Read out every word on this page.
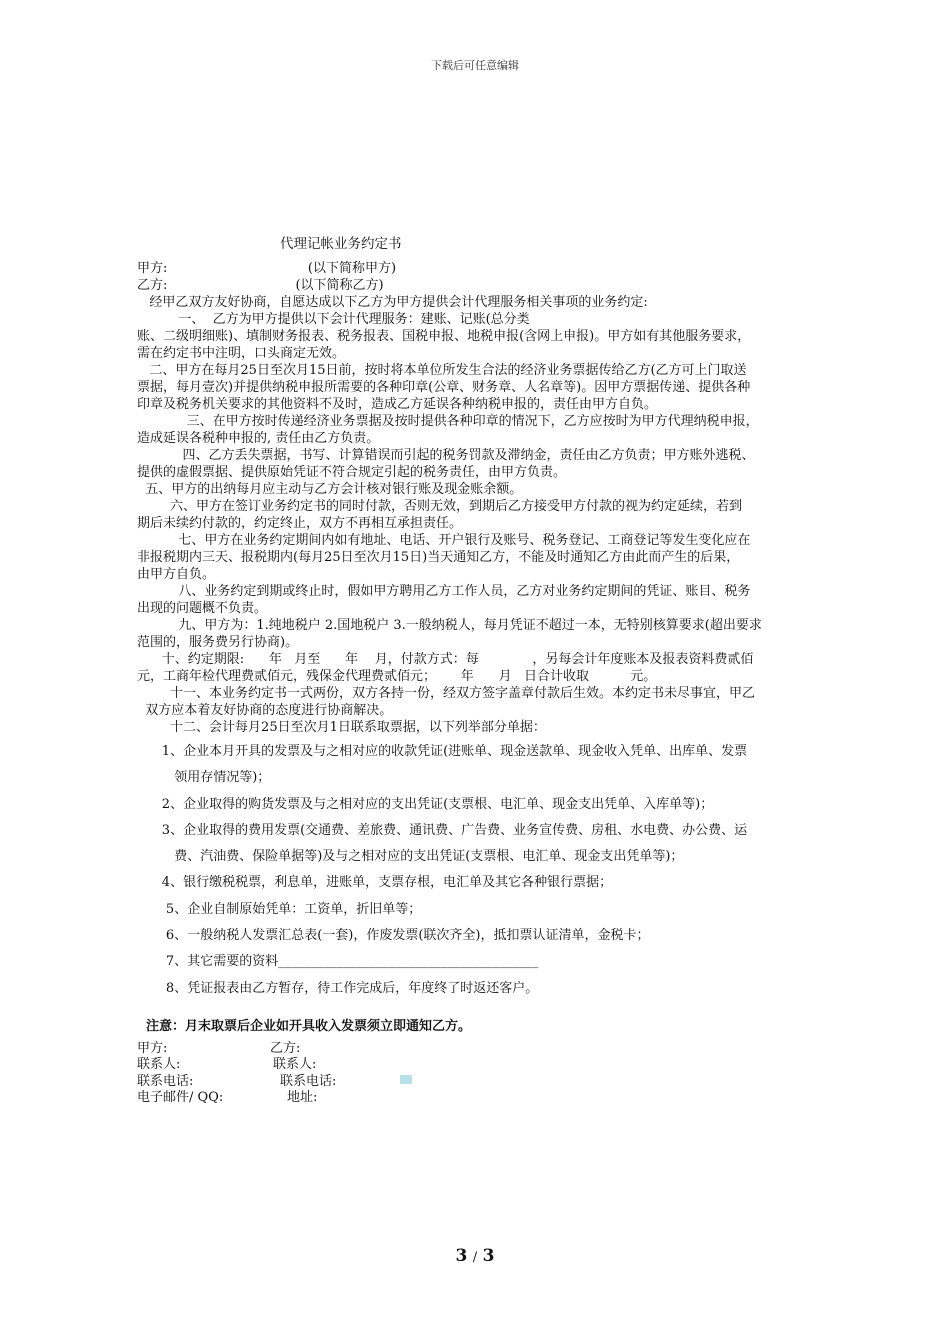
下载后可任意编辑

代理记帐业务约定书

甲方:                                  (以下简称甲方)

乙方:                               (以下简称乙方)

经甲乙双方友好协商，自愿达成以下乙方为甲方提供会计代理服务相关事项的业务约定:

一、  乙方为甲方提供以下会计代理服务：建账、记账(总分类

账、二级明细账)、填制财务报表、税务报表、国税申报、地税申报(含网上申报)。甲方如有其他服务要求，

需在约定书中注明，口头商定无效。

二、甲方在每月25日至次月15日前，按时将本单位所发生合法的经济业务票据传给乙方(乙方可上门取送

票据，每月壹次)并提供纳税申报所需要的各种印章(公章、财务章、人名章等)。因甲方票据传递、提供各种

印章及税务机关要求的其他资料不及时，造成乙方延误各种纳税申报的，责任由甲方自负。

三、在甲方按时传递经济业务票据及按时提供各种印章的情况下，乙方应按时为甲方代理纳税申报，

造成延误各税种申报的, 责任由乙方负责。

四、乙方丢失票据，书写、计算错误而引起的税务罚款及滞纳金，责任由乙方负责；甲方账外逃税、

提供的虚假票据、提供原始凭证不符合规定引起的税务责任，由甲方负责。

五、甲方的出纳每月应主动与乙方会计核对银行账及现金账余额。

六、甲方在签订业务约定书的同时付款，否则无效，到期后乙方接受甲方付款的视为约定延续，若到

期后未续约付款的，约定终止，双方不再相互承担责任。

七、甲方在业务约定期间内如有地址、电话、开户银行及账号、税务登记、工商登记等发生变化应在

非报税期内三天、报税期内(每月25日至次月15日)当天通知乙方，不能及时通知乙方由此而产生的后果，

由甲方自负。

八、业务约定到期或终止时，假如甲方聘用乙方工作人员，乙方对业务约定期间的凭证、账目、税务

出现的问题概不负责。

九、甲方为：1.纯地税户 2.国地税户 3.一般纳税人，每月凭证不超过一本，无特别核算要求(超出要求

范围的，服务费另行协商)。

十、约定期限:      年   月至      年    月，付款方式：每             ，另每会计年度账本及报表资料费贰佰

元，工商年检代理费贰佰元，残保金代理费贰佰元；      年      月   日合计收取          元。

十一、本业务约定书一式两份，双方各持一份，经双方签字盖章付款后生效。本约定书未尽事宜，甲乙

双方应本着友好协商的态度进行协商解决。

十二、会计每月25日至次月1日联系取票据，以下列举部分单据：

1、企业本月开具的发票及与之相对应的收款凭证(进账单、现金送款单、现金收入凭单、出库单、发票

领用存情况等)；

2、企业取得的购货发票及与之相对应的支出凭证(支票根、电汇单、现金支出凭单、入库单等)；

3、企业取得的费用发票(交通费、差旅费、通讯费、广告费、业务宣传费、房租、水电费、办公费、运

费、汽油费、保险单据等)及与之相对应的支出凭证(支票根、电汇单、现金支出凭单等)；

4、银行缴税税票，利息单，进账单，支票存根，电汇单及其它各种银行票据；

5、企业自制原始凭单：工资单，折旧单等；

6、一般纳税人发票汇总表(一套)，作废发票(联次齐全)，抵扣票认证清单，金税卡；

7、其它需要的资料________________________________________

8、凭证报表由乙方暂存，待工作完成后，年度终了时返还客户。

注意：月末取票后企业如开具收入发票须立即通知乙方。

甲方:	乙方:
联系人:	联系人:
联系电话:	联系电话:
电子邮件/ QQ:	地址:
3 / 3
